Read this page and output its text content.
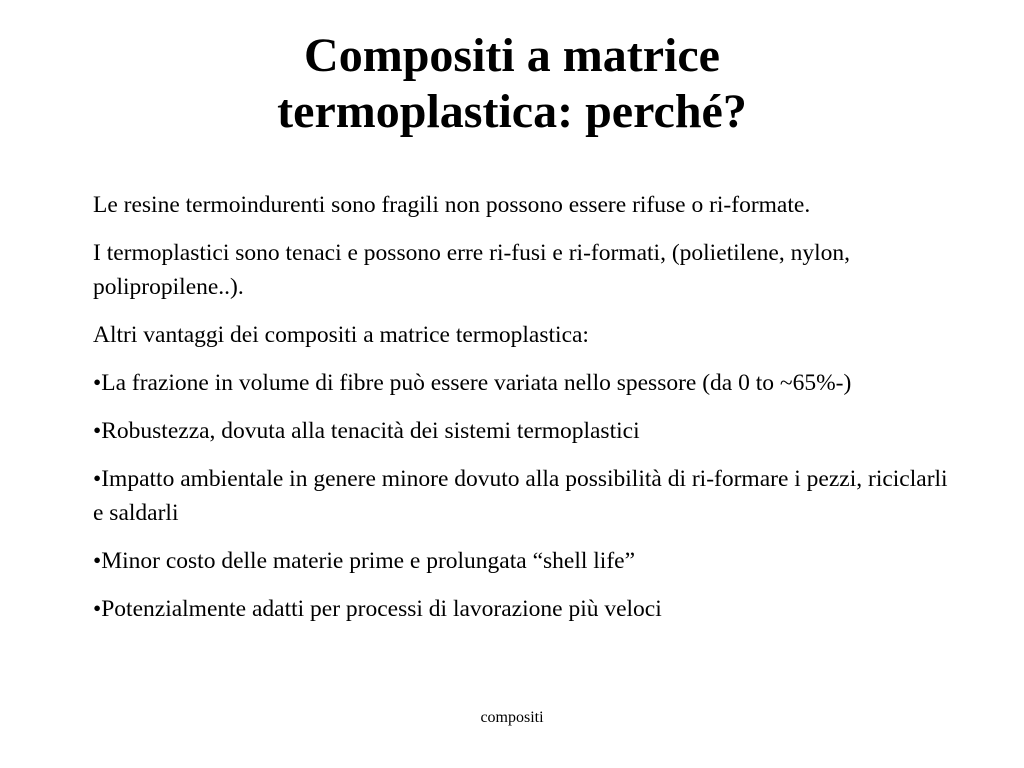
Compositi a matrice
termoplastica: perché?

Le resine termoindurenti sono fragili non possono essere rifuse o ri-formate.

I termoplastici sono tenaci e possono erre ri-fusi e ri-formati, (polietilene, nylon, polipropilene..).

Altri vantaggi dei compositi a matrice termoplastica:

•La frazione in volume di fibre può essere variata nello spessore (da 0 to ~65%-)

•Robustezza, dovuta alla tenacità dei sistemi termoplastici

•Impatto ambientale in genere minore dovuto alla possibilità di ri-formare i pezzi, riciclarli e saldarli

•Minor costo delle materie prime e prolungata “shell life”

•Potenzialmente adatti per processi di lavorazione più veloci

compositi
